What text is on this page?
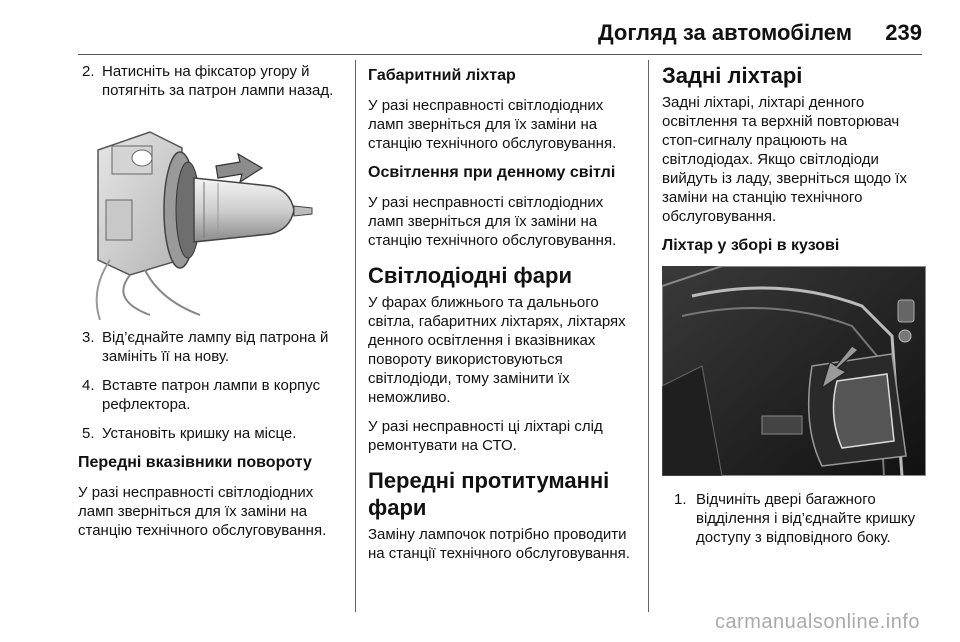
Догляд за автомобілем 239
2. Натисніть на фіксатор угору й потягніть за патрон лампи назад.
3. Від’єднайте лампу від патрона й замініть її на нову.
4. Вставте патрон лампи в корпус рефлектора.
5. Установіть кришку на місце.
Передні вказівники повороту
У разі несправності світлодіодних ламп зверніться для їх заміни на станцію технічного обслуговування.
Габаритний ліхтар
У разі несправності світлодіодних ламп зверніться для їх заміни на станцію технічного обслуговування.
Освітлення при денному світлі
У разі несправності світлодіодних ламп зверніться для їх заміни на станцію технічного обслуговування.
Світлодіодні фари
У фарах ближнього та дальнього світла, габаритних ліхтарях, ліхтарях денного освітлення і вказівниках повороту використовуються світлодіоди, тому замінити їх неможливо.
У разі несправності ці ліхтарі слід ремонтувати на СТО.
Передні протитуманні фари
Заміну лампочок потрібно проводити на станції технічного обслуговування.
Задні ліхтарі
Задні ліхтарі, ліхтарі денного освітлення та верхній повторювач стоп-сигналу працюють на світлодіодах. Якщо світлодіоди вийдуть із ладу, зверніться щодо їх заміни на станцію технічного обслуговування.
Ліхтар у зборі в кузові
1. Відчиніть двері багажного відділення і від’єднайте кришку доступу з відповідного боку.
carmanualsonline.info
